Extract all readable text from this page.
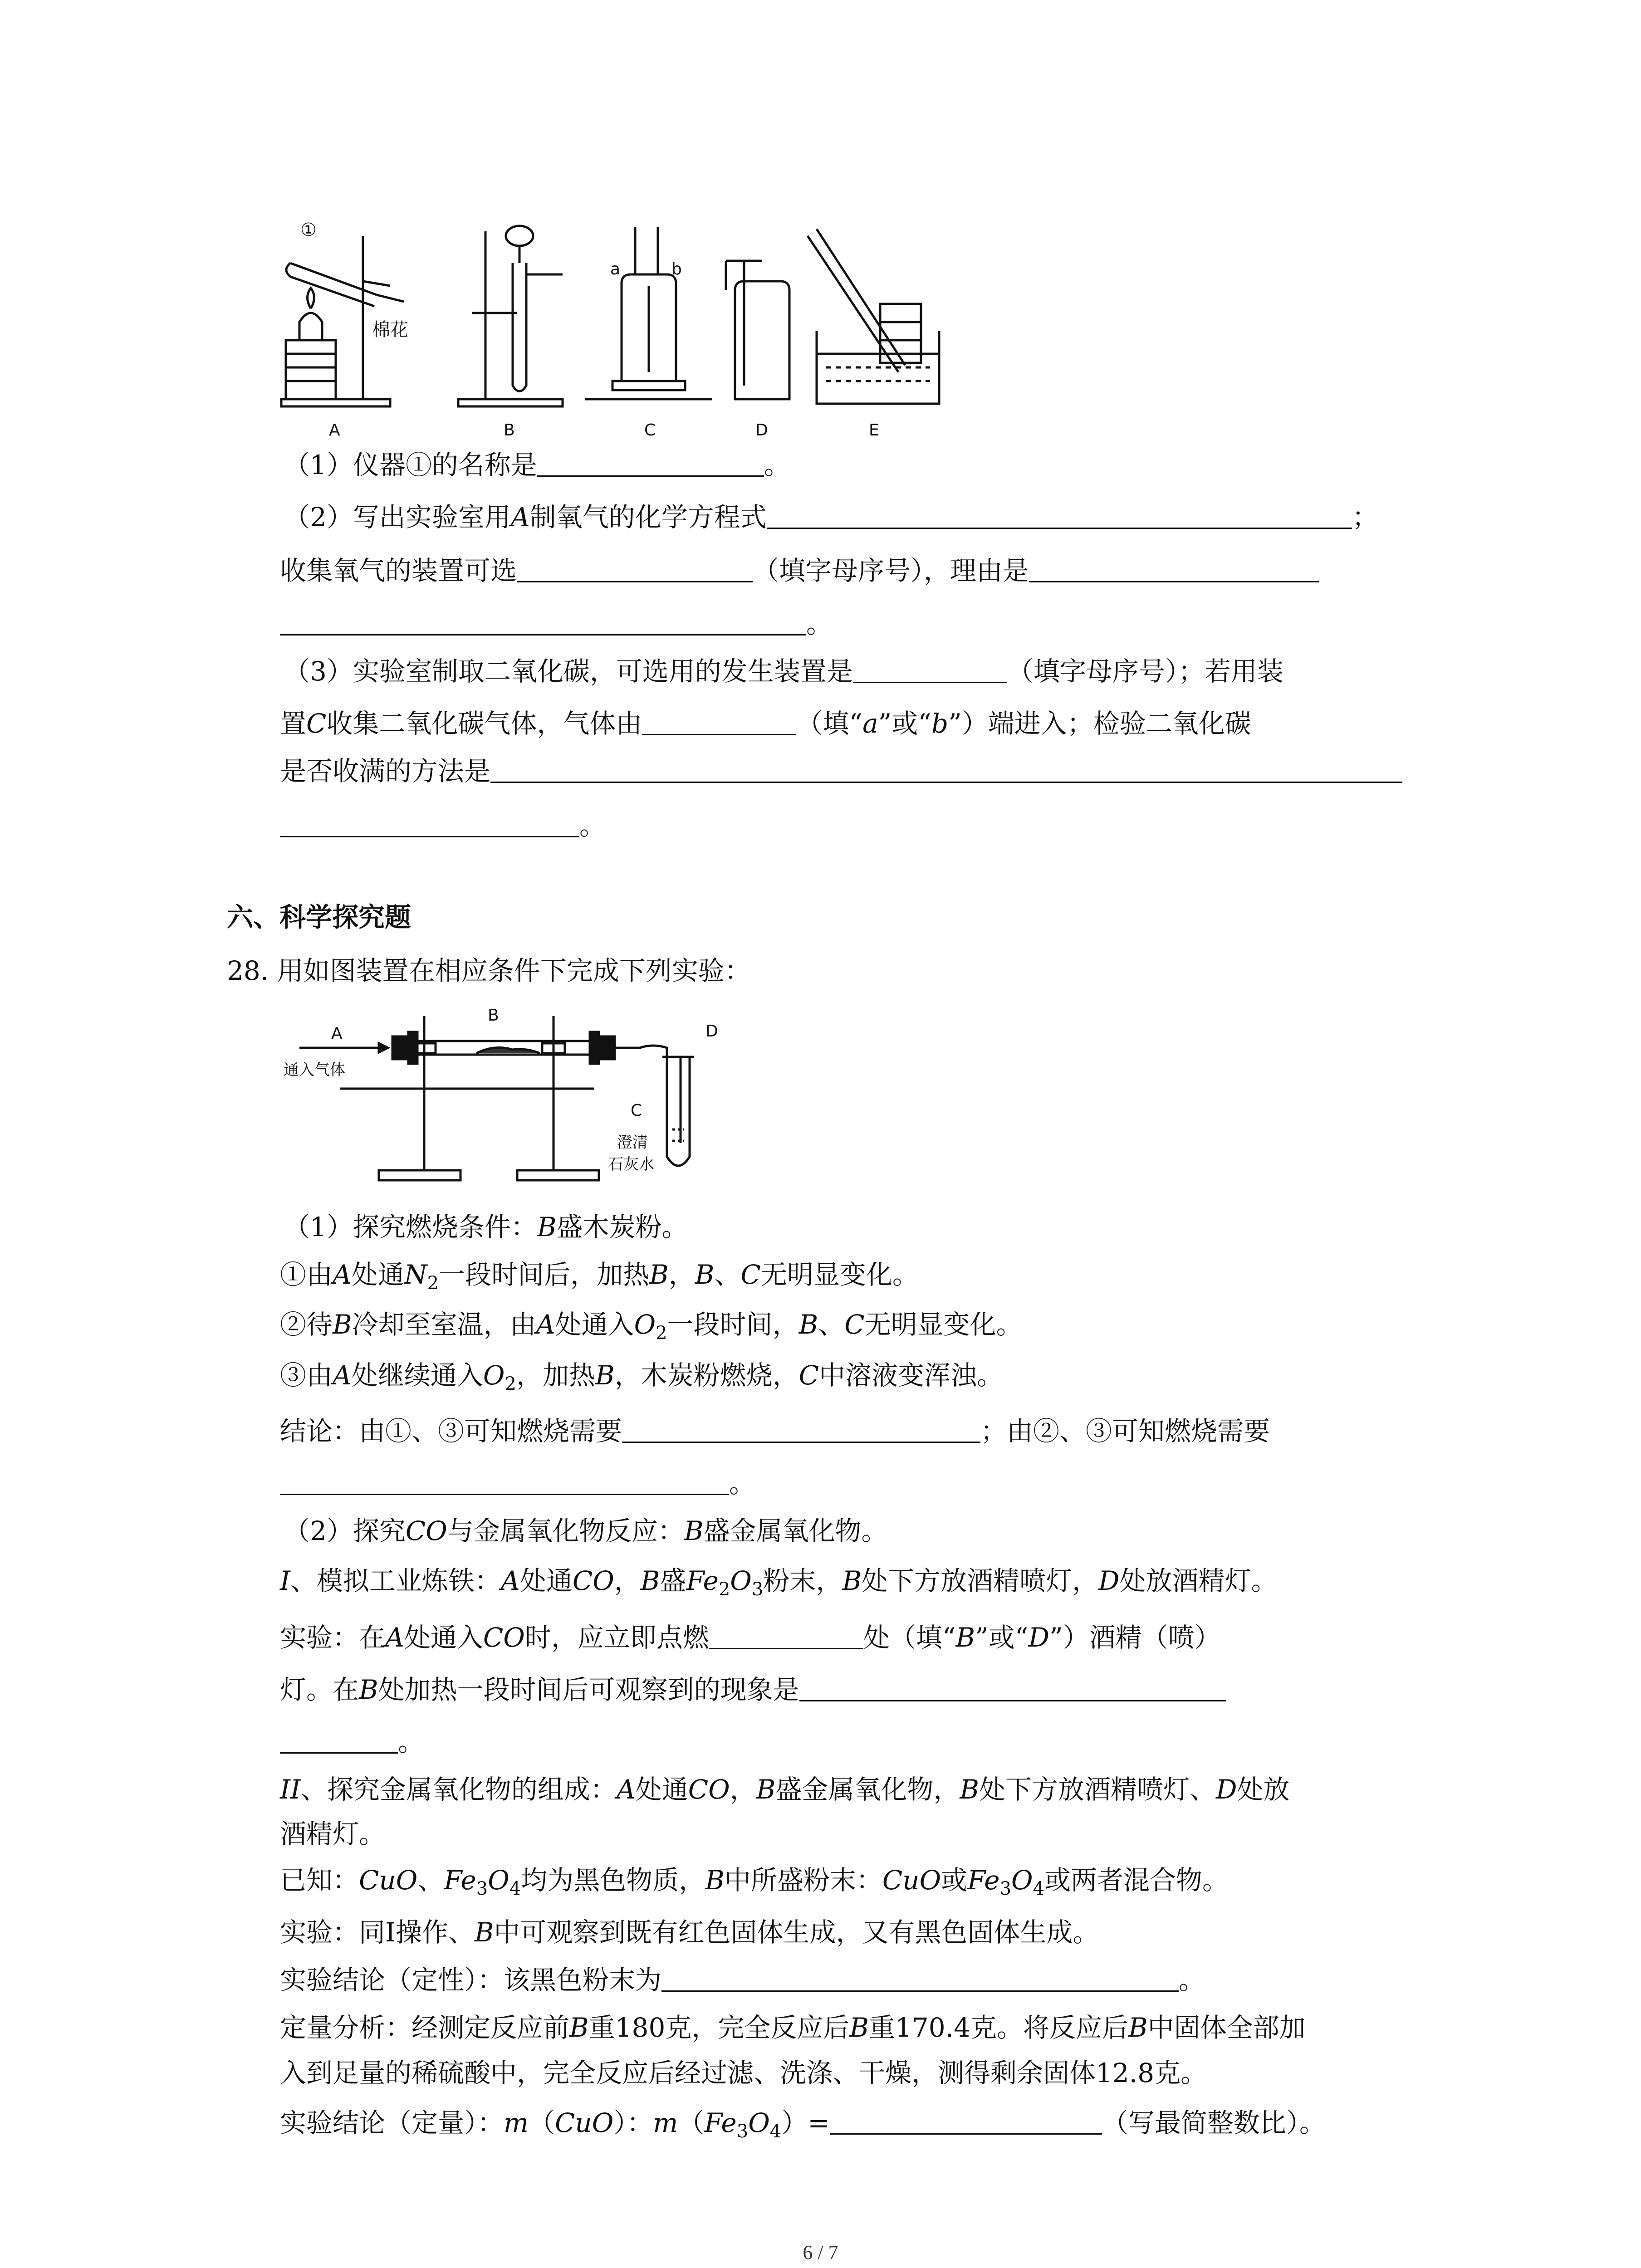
①
棉花
a	b
A	B	C	D	E
（1）仪器①的名称是	。
（2）写出实验室用A制氧气的化学方程式	；
收集氧气的装置可选	（填字母序号），理由是
。
（3）实验室制取二氧化碳，可选用的发生装置是	（填字母序号）；若用装
置C收集二氧化碳气体，气体由	（填“a”或“b”）端进入；检验二氧化碳
是否收满的方法是
。
六、科学探究题
28. 用如图装置在相应条件下完成下列实验：
A
B
C
D
通入气体
澄清
石灰水
（1）探究燃烧条件：B盛木炭粉。
①由A处通$N_2$一段时间后，加热B，B、C无明显变化。
②待B冷却至室温，由A处通入$O_2$一段时间，B、C无明显变化。
③由A处继续通入$O_2$，加热B，木炭粉燃烧，C中溶液变浑浊。
结论：由①、③可知燃烧需要	；由②、③可知燃烧需要
。
（2）探究CO与金属氧化物反应：B盛金属氧化物。
I、模拟工业炼铁：A处通CO，B盛$Fe_2O_3$粉末，B处下方放酒精喷灯，D处放酒精灯。
实验：在A处通入CO时，应立即点燃	处（填“B”或“D”）酒精（喷）
灯。在B处加热一段时间后可观察到的现象是
。
II、探究金属氧化物的组成：A处通CO，B盛金属氧化物，B处下方放酒精喷灯、D处放
酒精灯。
已知：CuO、$Fe_3O_4$均为黑色物质，B中所盛粉末：CuO或$Fe_3O_4$或两者混合物。
实验：同Ⅰ操作、B中可观察到既有红色固体生成，又有黑色固体生成。
实验结论（定性）：该黑色粉末为	。
定量分析：经测定反应前B重180克，完全反应后B重170.4克。将反应后B中固体全部加
入到足量的稀硫酸中，完全反应后经过滤、洗涤、干燥，测得剩余固体12.8克。
实验结论（定量）：m（CuO）：$m(Fe_3O_4)=$	（写最简整数比）。
6 / 7
